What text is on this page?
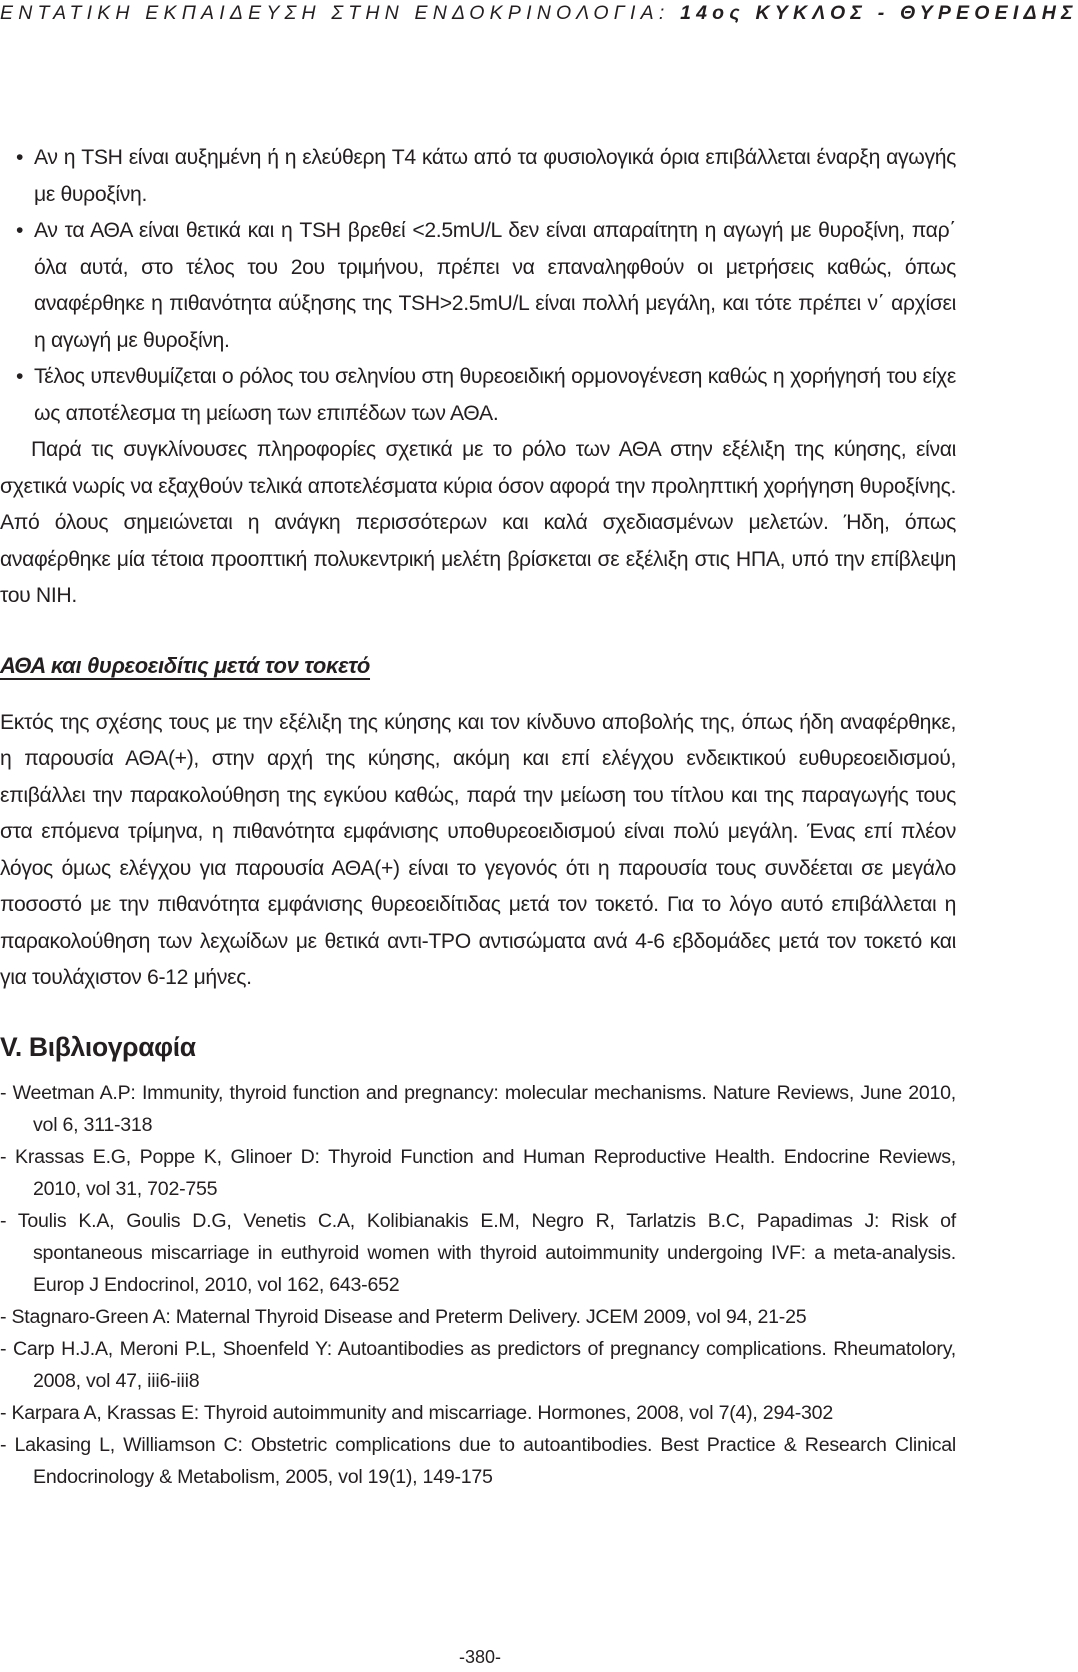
ΕΝΤΑΤΙΚΗ ΕΚΠΑΙΔΕΥΣΗ ΣΤΗΝ ΕΝΔΟΚΡΙΝΟΛΟΓΙΑ: 14ος ΚΥΚΛΟΣ - ΘΥΡΕΟΕΙΔΗΣ
• Αν η TSH είναι αυξημένη ή η ελεύθερη T4 κάτω από τα φυσιολογικά όρια επιβάλλεται έναρξη αγωγής με θυροξίνη.
• Αν τα ΑΘΑ είναι θετικά και η TSH βρεθεί <2.5mU/L δεν είναι απαραίτητη η αγωγή με θυροξίνη, παρ΄ όλα αυτά, στο τέλος του 2ου τριμήνου, πρέπει να επαναληφθούν οι μετρήσεις καθώς, όπως αναφέρθηκε η πιθανότητα αύξησης της TSH>2.5mU/L είναι πολλή μεγάλη, και τότε πρέπει ν΄ αρχίσει η αγωγή με θυροξίνη.
• Τέλος υπενθυμίζεται ο ρόλος του σεληνίου στη θυρεοειδική ορμονογένεση καθώς η χορήγησή του είχε ως αποτέλεσμα τη μείωση των επιπέδων των ΑΘΑ.

Παρά τις συγκλίνουσες πληροφορίες σχετικά με το ρόλο των ΑΘΑ στην εξέλιξη της κύησης, είναι σχετικά νωρίς να εξαχθούν τελικά αποτελέσματα κύρια όσον αφορά την προληπτική χορήγηση θυροξίνης. Από όλους σημειώνεται η ανάγκη περισσότερων και καλά σχεδιασμένων μελετών. Ήδη, όπως αναφέρθηκε μία τέτοια προοπτική πολυκεντρική μελέτη βρίσκεται σε εξέλιξη στις ΗΠΑ, υπό την επίβλεψη του NIH.

ΑΘΑ και θυρεοειδίτις μετά τον τοκετό

Εκτός της σχέσης τους με την εξέλιξη της κύησης και τον κίνδυνο αποβολής της, όπως ήδη αναφέρθηκε, η παρουσία ΑΘΑ(+), στην αρχή της κύησης, ακόμη και επί ελέγχου ενδεικτικού ευθυρεοειδισμού, επιβάλλει την παρακολούθηση της εγκύου καθώς, παρά την μείωση του τίτλου και της παραγωγής τους στα επόμενα τρίμηνα, η πιθανότητα εμφάνισης υποθυρεοειδισμού είναι πολύ μεγάλη. Ένας επί πλέον λόγος όμως ελέγχου για παρουσία ΑΘΑ(+) είναι το γεγονός ότι η παρουσία τους συνδέεται σε μεγάλο ποσοστό με την πιθανότητα εμφάνισης θυρεοειδίτιδας μετά τον τοκετό. Για το λόγο αυτό επιβάλλεται η παρακολούθηση των λεχωίδων με θετικά αντι-TPO αντισώματα ανά 4-6 εβδομάδες μετά τον τοκετό και για τουλάχιστον 6-12 μήνες.

V. Βιβλιογραφία
- Weetman A.P: Immunity, thyroid function and pregnancy: molecular mechanisms. Nature Reviews, June 2010, vol 6, 311-318
- Krassas E.G, Poppe K, Glinoer D: Thyroid Function and Human Reproductive Health. Endocrine Reviews, 2010, vol 31, 702-755
- Toulis K.A, Goulis D.G, Venetis C.A, Kolibianakis E.M, Negro R, Tarlatzis B.C, Papadimas J: Risk of spontaneous miscarriage in euthyroid women with thyroid autoimmunity undergoing IVF: a meta-analysis. Europ J Endocrinol, 2010, vol 162, 643-652
- Stagnaro-Green A: Maternal Thyroid Disease and Preterm Delivery. JCEM 2009, vol 94, 21-25
- Carp H.J.A, Meroni P.L, Shoenfeld Y: Autoantibodies as predictors of pregnancy complications. Rheumatolory, 2008, vol 47, iii6-iii8
- Karpara A, Krassas E: Thyroid autoimmunity and miscarriage. Hormones, 2008, vol 7(4), 294-302
- Lakasing L, Williamson C: Obstetric complications due to autoantibodies. Best Practice & Research Clinical Endocrinology & Metabolism, 2005, vol 19(1), 149-175
-380-
